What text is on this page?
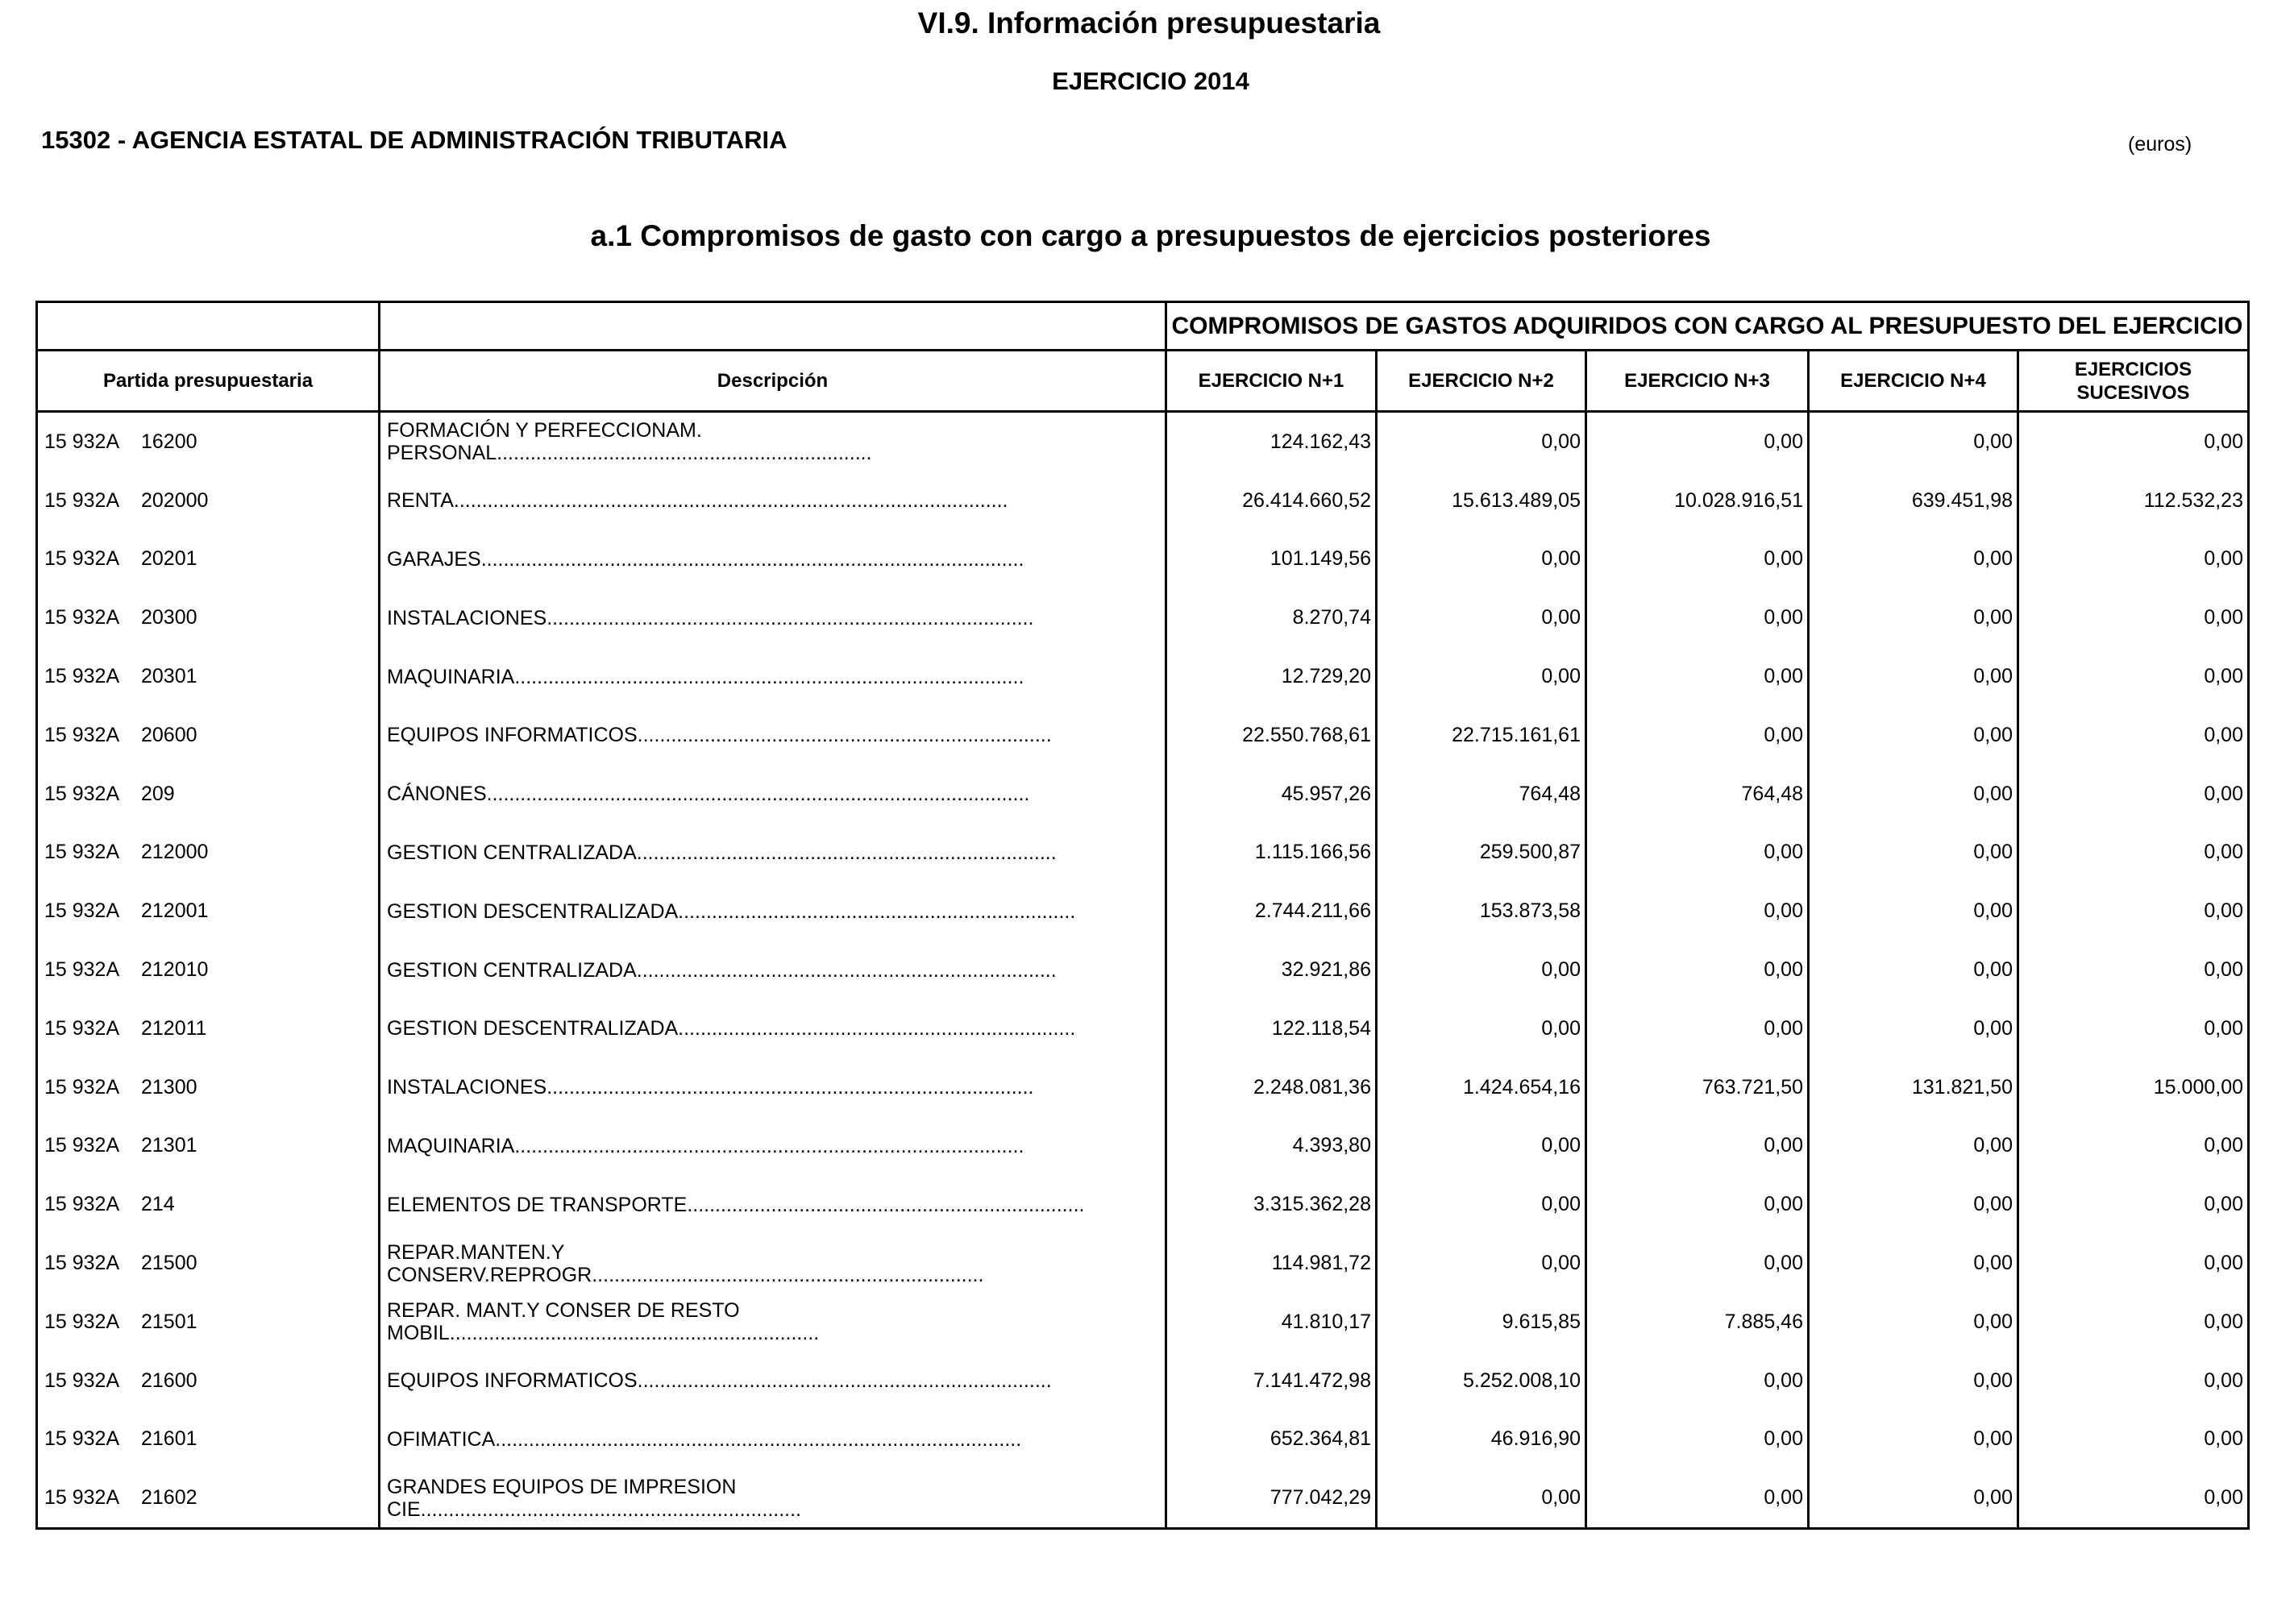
VI.9. Información presupuestaria
EJERCICIO 2014
15302 - AGENCIA ESTATAL DE ADMINISTRACIÓN TRIBUTARIA	(euros)
a.1 Compromisos de gasto con cargo a presupuestos de ejercicios posteriores
		COMPROMISOS DE GASTOS ADQUIRIDOS CON CARGO AL PRESUPUESTO DEL EJERCICIO				
Partida presupuestaria	Descripción	EJERCICIO N+1	EJERCICIO N+2	EJERCICIO N+3	EJERCICIO N+4	EJERCICIOS
SUCESIVOS
15 932A 16200	FORMACIÓN Y PERFECCIONAM.
PERSONAL...................................................................	124.162,43	0,00	0,00	0,00	0,00
15 932A 202000	RENTA...................................................................................................	26.414.660,52	15.613.489,05	10.028.916,51	639.451,98	112.532,23
15 932A 20201	GARAJES.................................................................................................	101.149,56	0,00	0,00	0,00	0,00
15 932A 20300	INSTALACIONES.......................................................................................	8.270,74	0,00	0,00	0,00	0,00
15 932A 20301	MAQUINARIA...........................................................................................	12.729,20	0,00	0,00	0,00	0,00
15 932A 20600	EQUIPOS INFORMATICOS..........................................................................	22.550.768,61	22.715.161,61	0,00	0,00	0,00
15 932A 209	CÁNONES.................................................................................................	45.957,26	764,48	764,48	0,00	0,00
15 932A 212000	GESTION CENTRALIZADA...........................................................................	1.115.166,56	259.500,87	0,00	0,00	0,00
15 932A 212001	GESTION DESCENTRALIZADA.......................................................................	2.744.211,66	153.873,58	0,00	0,00	0,00
15 932A 212010	GESTION CENTRALIZADA...........................................................................	32.921,86	0,00	0,00	0,00	0,00
15 932A 212011	GESTION DESCENTRALIZADA.......................................................................	122.118,54	0,00	0,00	0,00	0,00
15 932A 21300	INSTALACIONES.......................................................................................	2.248.081,36	1.424.654,16	763.721,50	131.821,50	15.000,00
15 932A 21301	MAQUINARIA...........................................................................................	4.393,80	0,00	0,00	0,00	0,00
15 932A 214	ELEMENTOS DE TRANSPORTE.......................................................................	3.315.362,28	0,00	0,00	0,00	0,00
15 932A 21500	REPAR.MANTEN.Y
CONSERV.REPROGR......................................................................	114.981,72	0,00	0,00	0,00	0,00
15 932A 21501	REPAR. MANT.Y CONSER DE RESTO
MOBIL..................................................................	41.810,17	9.615,85	7.885,46	0,00	0,00
15 932A 21600	EQUIPOS INFORMATICOS..........................................................................	7.141.472,98	5.252.008,10	0,00	0,00	0,00
15 932A 21601	OFIMATICA..............................................................................................	652.364,81	46.916,90	0,00	0,00	0,00
15 932A 21602	GRANDES EQUIPOS DE IMPRESION
CIE....................................................................	777.042,29	0,00	0,00	0,00	0,00
